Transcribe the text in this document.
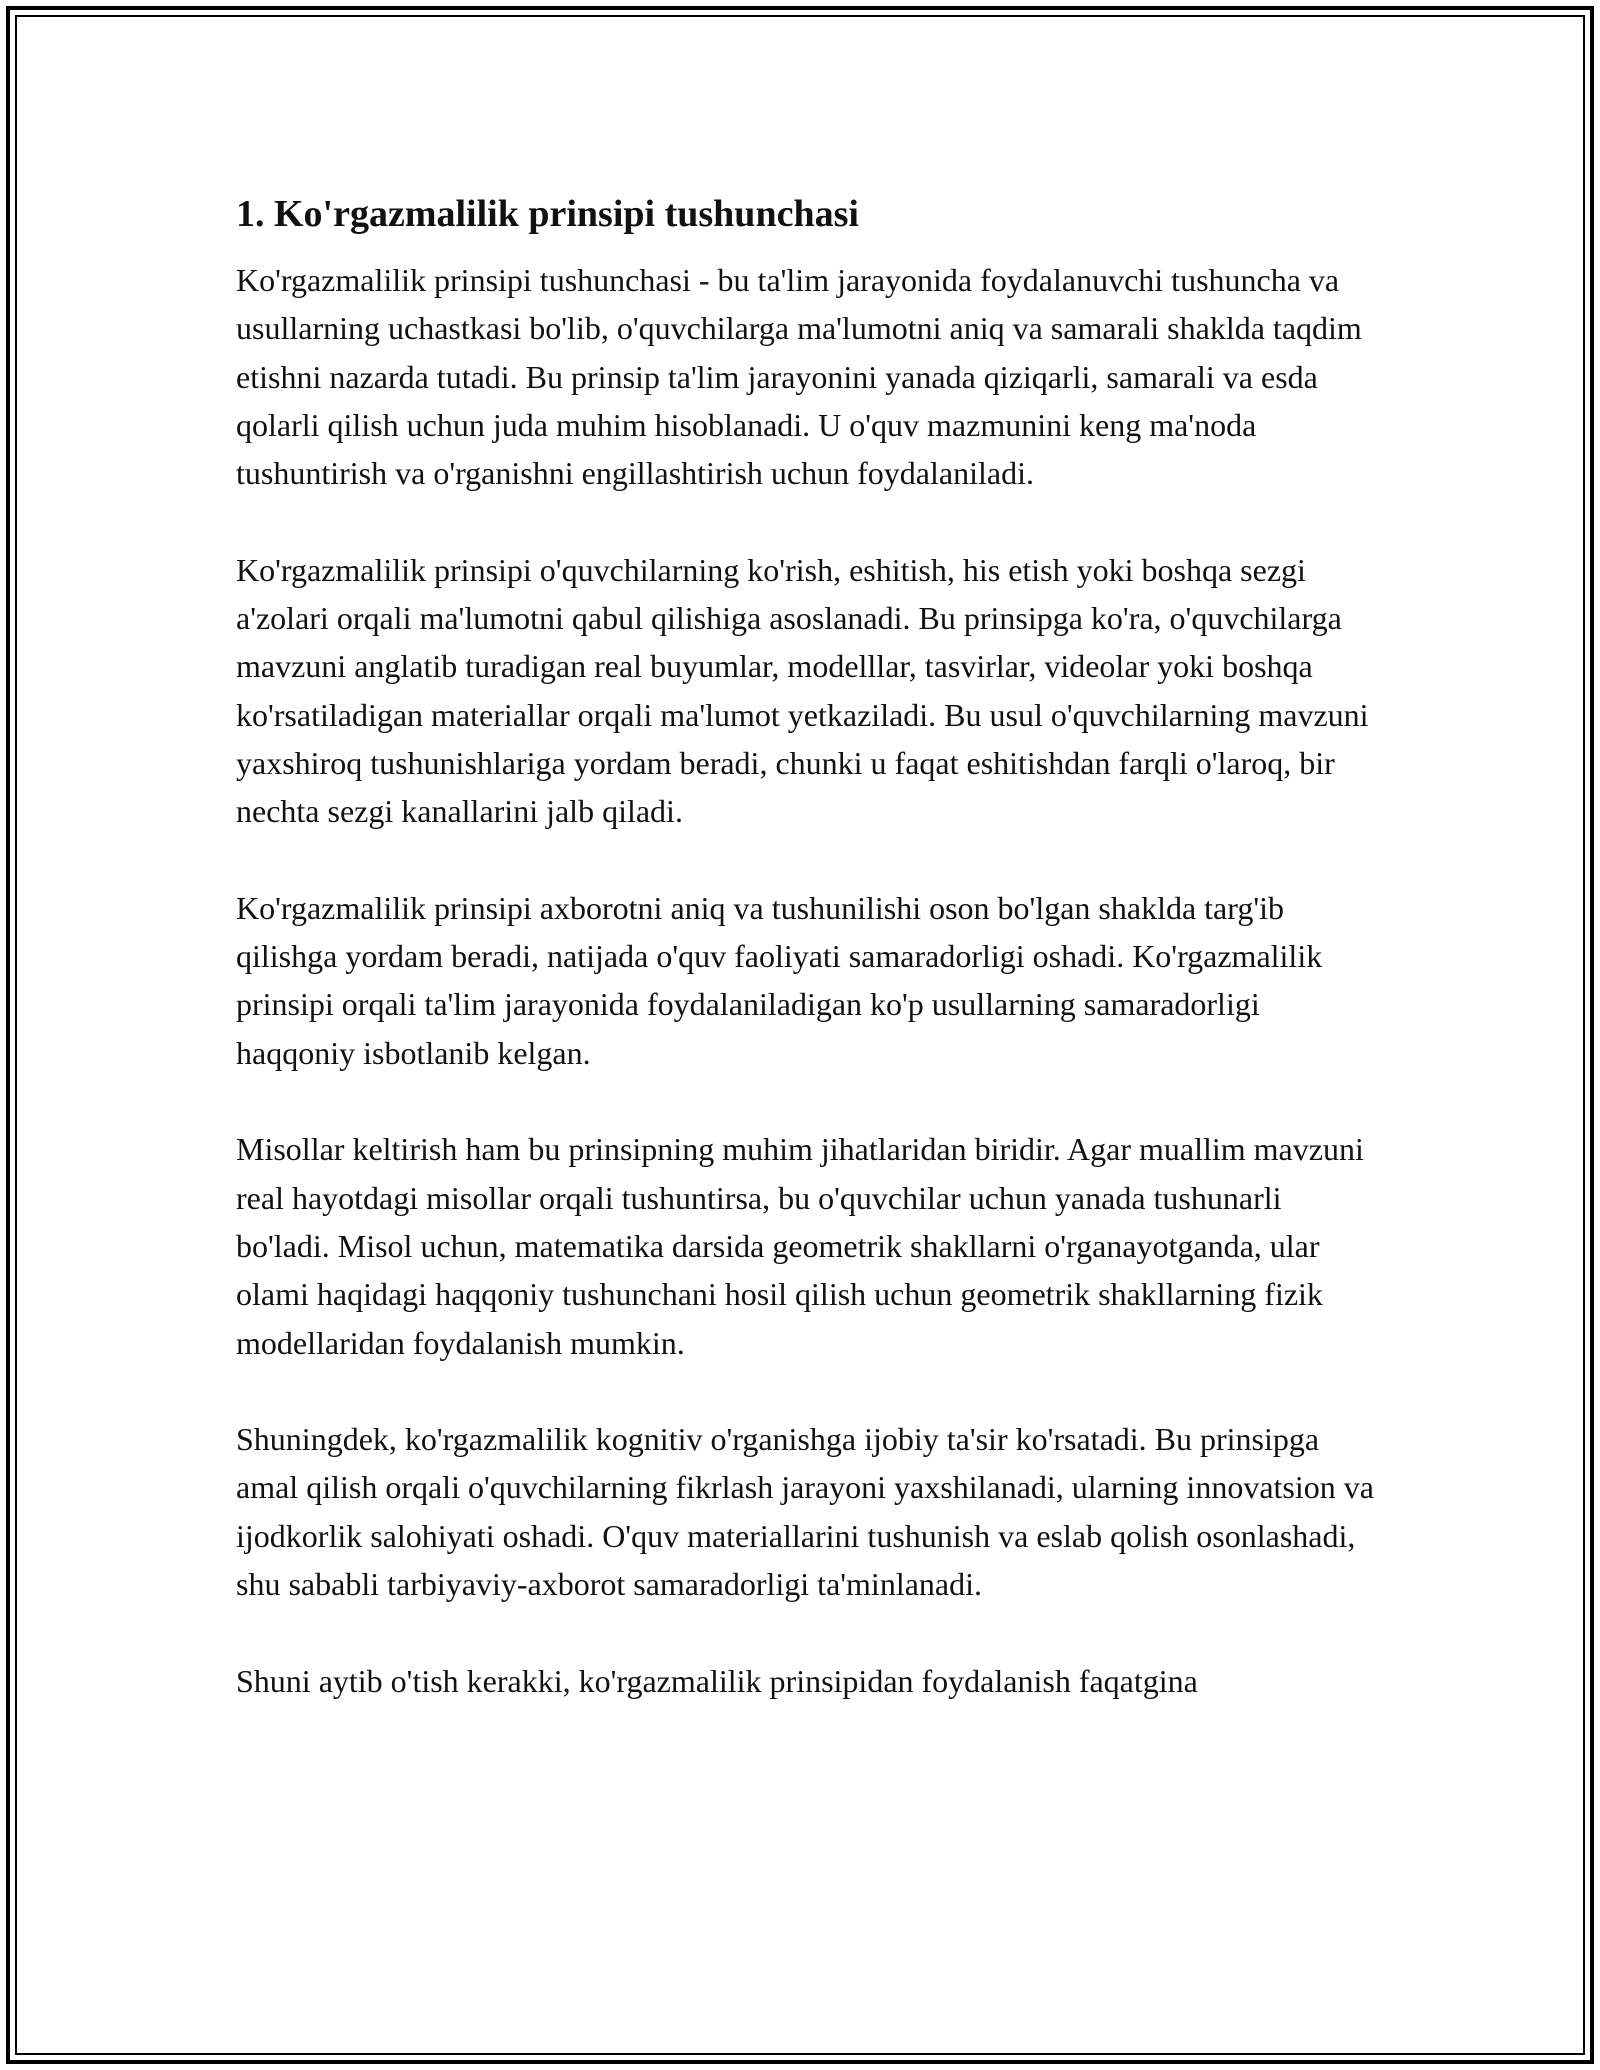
1. Ko'rgazmalilik prinsipi tushunchasi

Ko'rgazmalilik prinsipi tushunchasi - bu ta'lim jarayonida foydalanuvchi tushuncha va usullarning uchastkasi bo'lib, o'quvchilarga ma'lumotni aniq va samarali shaklda taqdim etishni nazarda tutadi. Bu prinsip ta'lim jarayonini yanada qiziqarli, samarali va esda qolarli qilish uchun juda muhim hisoblanadi. U o'quv mazmunini keng ma'noda tushuntirish va o'rganishni engillashtirish uchun foydalaniladi.

Ko'rgazmalilik prinsipi o'quvchilarning ko'rish, eshitish, his etish yoki boshqa sezgi a'zolari orqali ma'lumotni qabul qilishiga asoslanadi. Bu prinsipga ko'ra, o'quvchilarga mavzuni anglatib turadigan real buyumlar, modelllar, tasvirlar, videolar yoki boshqa ko'rsatiladigan materiallar orqali ma'lumot yetkaziladi. Bu usul o'quvchilarning mavzuni yaxshiroq tushunishlariga yordam beradi, chunki u faqat eshitishdan farqli o'laroq, bir nechta sezgi kanallarini jalb qiladi.

Ko'rgazmalilik prinsipi axborotni aniq va tushunilishi oson bo'lgan shaklda targ'ib qilishga yordam beradi, natijada o'quv faoliyati samaradorligi oshadi. Ko'rgazmalilik prinsipi orqali ta'lim jarayonida foydalaniladigan ko'p usullarning samaradorligi haqqoniy isbotlanib kelgan.

Misollar keltirish ham bu prinsipning muhim jihatlaridan biridir. Agar muallim mavzuni real hayotdagi misollar orqali tushuntirsa, bu o'quvchilar uchun yanada tushunarli bo'ladi. Misol uchun, matematika darsida geometrik shakllarni o'rganayotganda, ular olami haqidagi haqqoniy tushunchani hosil qilish uchun geometrik shakllarning fizik modellaridan foydalanish mumkin.

Shuningdek, ko'rgazmalilik kognitiv o'rganishga ijobiy ta'sir ko'rsatadi. Bu prinsipga amal qilish orqali o'quvchilarning fikrlash jarayoni yaxshilanadi, ularning innovatsion va ijodkorlik salohiyati oshadi. O'quv materiallarini tushunish va eslab qolish osonlashadi, shu sababli tarbiyaviy-axborot samaradorligi ta'minlanadi.

Shuni aytib o'tish kerakki, ko'rgazmalilik prinsipidan foydalanish faqatgina
